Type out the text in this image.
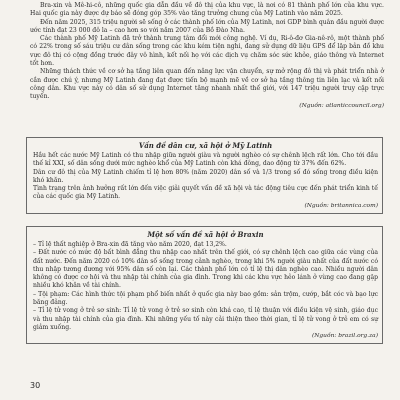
Bra-xin và Mê-hi-cô, những quốc gia dẫn đầu về đô thị của khu vực, là nơi có 81 thành phố lớn của khu vực. Hai quốc gia này được dự báo sẽ đóng góp 35% vào tăng trưởng chung của Mỹ Latinh vào năm 2025.

Đến năm 2025, 315 triệu người sẽ sống ở các thành phố lớn của Mỹ Latinh, nơi GDP bình quân đầu người được ước tính đạt 23 000 đô la – cao hơn so với năm 2007 của Bồ Đào Nha.

Các thành phố Mỹ Latinh đã trở thành trung tâm đổi mới công nghệ. Ví dụ, Ri-ô-đơ Gia-nê-rô, một thành phố có 22% trong số sáu triệu cư dân sống trong các khu kém tiện nghi, đang sử dụng dữ liệu GPS để lập bản đồ khu vực đô thị có cộng đồng trước đây vô hình, kết nối họ với các dịch vụ chăm sóc sức khỏe, giáo thông và Internet tốt hơn.

Những thách thức về cơ sở hạ tầng liên quan đến năng lực vận chuyển, sự mở rộng đô thị và phát triển nhà ở cần được chú ý, nhưng Mỹ Latinh đang đạt được tiến bộ mạnh mẽ về cơ sở hạ tầng thông tin liên lạc và kết nối công dân. Khu vực này có dân số sử dụng Internet tăng nhanh nhất thế giới, với 147 triệu người truy cập trực tuyến.

(Nguồn: atlanticcouncil.org)

Vấn đề dân cư, xã hội ở Mỹ Latinh

Hầu hết các nước Mỹ Latinh có thu nhập giữa người giàu và người nghèo có sự chênh lệch rất lớn. Cho tới đầu thế kỉ XXI, số dân sống dưới mức nghèo khổ của Mỹ Latinh còn khá đông, dao động từ 37% đến 62%.

Dân cư đô thị của Mỹ Latinh chiếm tỉ lệ hơn 80% (năm 2020) dân số và 1/3 trong số đó sống trong điều kiện khó khăn.

Tình trạng trên ảnh hưởng rất lớn đến việc giải quyết vấn đề xã hội và tác động tiêu cực đến phát triển kinh tế của các quốc gia Mỹ Latinh.

(Nguồn: britannica.com)

Một số vấn đề xã hội ở Braxin

– Tỉ lệ thất nghiệp ở Bra-xin đã tăng vào năm 2020, đạt 13,2%.

– Đất nước có mức độ bất bình đẳng thu nhập cao nhất trên thế giới, có sự chênh lệch cao giữa các vùng của đất nước. Đến năm 2020 có 10% dân số sống trong cảnh nghèo, trong khi 5% người giàu nhất của đất nước có thu nhập tương đương với 95% dân số còn lại. Các thành phố lớn có tỉ lệ thị dân nghèo cao. Nhiều người dân không có được cơ hội và thu nhập tài chính của gia đình. Trong khi các khu vực hẻo lánh ở vùng cao đang gặp nhiều khó khăn về tài chính.

– Tội phạm: Các hình thức tội phạm phổ biến nhất ở quốc gia này bao gồm: sản trộm, cướp, bắt cóc và bạo lực băng đảng.

– Tỉ lệ tử vong ở trẻ sơ sinh: Tỉ lệ tử vong ở trẻ sơ sinh còn khá cao, tỉ lệ thuận với điều kiện vệ sinh, giáo dục và thu nhập tài chính của gia đình. Khi những yếu tố này cải thiện theo thời gian, tỉ lệ tử vong ở trẻ em có sự giảm xuống.

(Nguồn: brazil.org.za)

30
